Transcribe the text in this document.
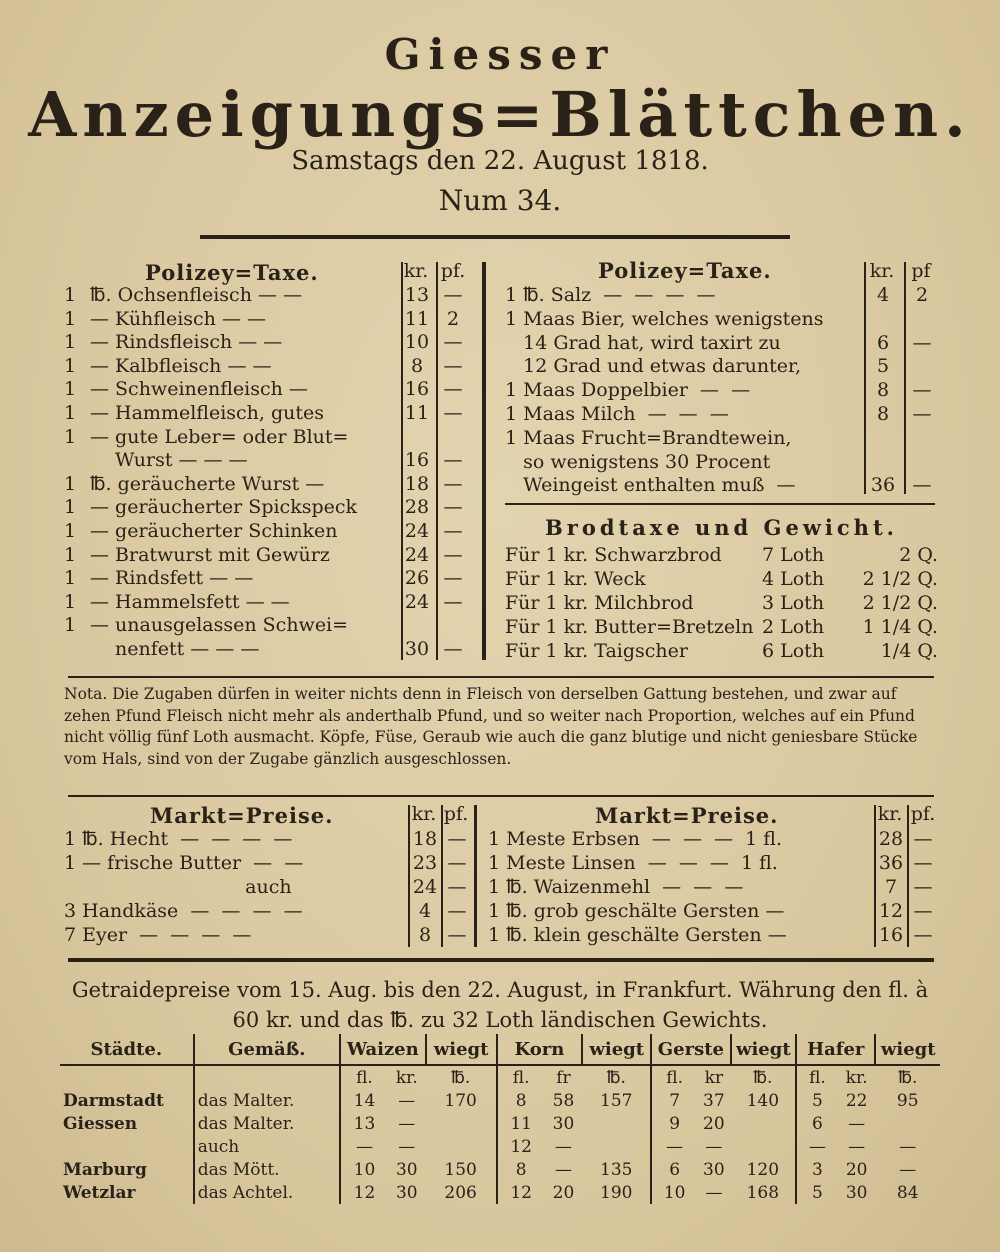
Giesser
Anzeigungs=Blättchen.
Samstags den 22. August 1818.
Num 34.
Polizey=Taxe.	kr. pf.
1 ℔. Ochsenfleisch — —	13 —
1 — Kühfleisch — —	11 2
1 — Rindsfleisch — —	10 —
1 — Kalbfleisch — —	8	—
1 — Schweinenfleisch —	16 —
1 — Hammelfleisch, gutes	11 —
1 — gute Leber= oder Blut=
Wurst — — —	16 —
1 ℔. geräucherte Wurst —	18 —
1 — geräucherter Spickspeck	28 —
1 — geräucherter Schinken	24 —
1 — Bratwurst mit Gewürz	24 —
1 — Rindsfett — —	26 —
1 — Hammelsfett — —	24 —
1 — unausgelassen Schwei=
nenfett — — —	30 —
Polizey=Taxe.	kr. pf
1 ℔. Salz  —  —  —  —	4	2
1 Maas Bier, welches wenigstens
14 Grad hat, wird taxirt zu	6	—
12 Grad und etwas darunter,	5
1 Maas Doppelbier  —  —	8	—
1 Maas Milch  —  —  —	8	—
1 Maas Frucht=Brandtewein,
so wenigstens 30 Procent
Weingeist enthalten muß  —	36 —
Brodtaxe und Gewicht.
Für 1 kr. Schwarzbrod 7 Loth	2 Q.
Für 1 kr. Weck	4 Loth 2 1/2 Q.
Für 1 kr. Milchbrod	3 Loth 2 1/2 Q.
Für 1 kr. Butter=Bretzeln 2 Loth 1 1/4 Q.
Für 1 kr. Taigscher	6 Loth	1/4 Q.
Nota. Die Zugaben dürfen in weiter nichts denn in Fleisch von derselben Gattung bestehen, und zwar auf zehen Pfund Fleisch nicht mehr als anderthalb Pfund, und so weiter nach Proportion, welches auf ein Pfund nicht völlig fünf Loth ausmacht. Köpfe, Füse, Geraub wie auch die ganz blutige und nicht geniesbare Stücke vom Hals, sind von der Zugabe gänzlich ausgeschlossen.
Markt=Preise.	kr. pf.
1 ℔. Hecht  —  —  —  —	18 —
1 — frische Butter  —  —	23 —
auch	24 —
3 Handkäse  —  —  —  —	4 —
7 Eyer  —  —  —  —	8 —
Markt=Preise.	kr. pf.
1 Meste Erbsen  —  —  —  1 fl.	28 —
1 Meste Linsen  —  —  —  1 fl.	36 —
1 ℔. Waizenmehl  —  —  —	7 —
1 ℔. grob geschälte Gersten —	12 —
1 ℔. klein geschälte Gersten —	16 —
Getraidepreise vom 15. Aug. bis den 22. August, in Frankfurt. Währung den fl. à 60 kr. und das ℔. zu 32 Loth ländischen Gewichts.
Städte.	Gemäß.	Waizen		wiegt	Korn		wiegt	Gerste		wiegt	Hafer		wiegt
		fl.	kr.	℔.	fl.	fr	℔.	fl.	kr	℔.	fl.	kr.	℔.
Darmstadt	das Malter.	14	—	170	8	58	157	7	37	140	5	22	95
Giessen	das Malter.	13	—		11	30		9	20		6	—	
	auch	—	—		12	—		—	—		—	—	—
Marburg	das Mött.	10	30	150	8	—	135	6	30	120	3	20	—
Wetzlar	das Achtel.	12	30	206	12	20	190	10	—	168	5	30	84
